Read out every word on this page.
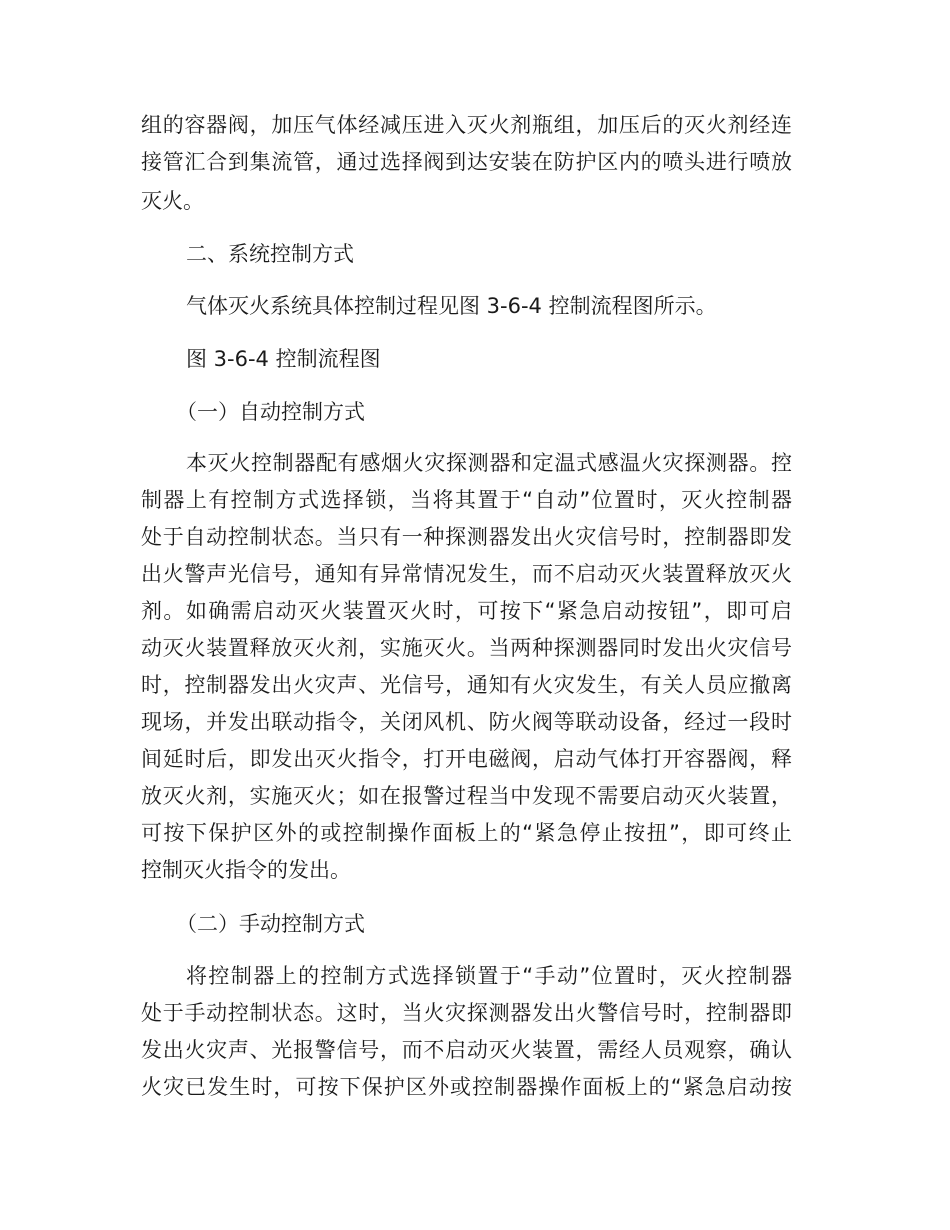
组的容器阀，加压气体经减压进入灭火剂瓶组，加压后的灭火剂经连
接管汇合到集流管，通过选择阀到达安装在防护区内的喷头进行喷放
灭火。
二、系统控制方式
气体灭火系统具体控制过程见图 3-6-4 控制流程图所示。
图 3-6-4 控制流程图
（一）自动控制方式
本灭火控制器配有感烟火灾探测器和定温式感温火灾探测器。控
制器上有控制方式选择锁，当将其置于“自动”位置时，灭火控制器
处于自动控制状态。当只有一种探测器发出火灾信号时，控制器即发
出火警声光信号，通知有异常情况发生，而不启动灭火装置释放灭火
剂。如确需启动灭火装置灭火时，可按下“紧急启动按钮”，即可启
动灭火装置释放灭火剂，实施灭火。当两种探测器同时发出火灾信号
时，控制器发出火灾声、光信号，通知有火灾发生，有关人员应撤离
现场，并发出联动指令，关闭风机、防火阀等联动设备，经过一段时
间延时后，即发出灭火指令，打开电磁阀，启动气体打开容器阀，释
放灭火剂，实施灭火；如在报警过程当中发现不需要启动灭火装置，
可按下保护区外的或控制操作面板上的“紧急停止按扭”，即可终止
控制灭火指令的发出。
（二）手动控制方式
将控制器上的控制方式选择锁置于“手动”位置时，灭火控制器
处于手动控制状态。这时，当火灾探测器发出火警信号时，控制器即
发出火灾声、光报警信号，而不启动灭火装置，需经人员观察，确认
火灾已发生时，可按下保护区外或控制器操作面板上的“紧急启动按
